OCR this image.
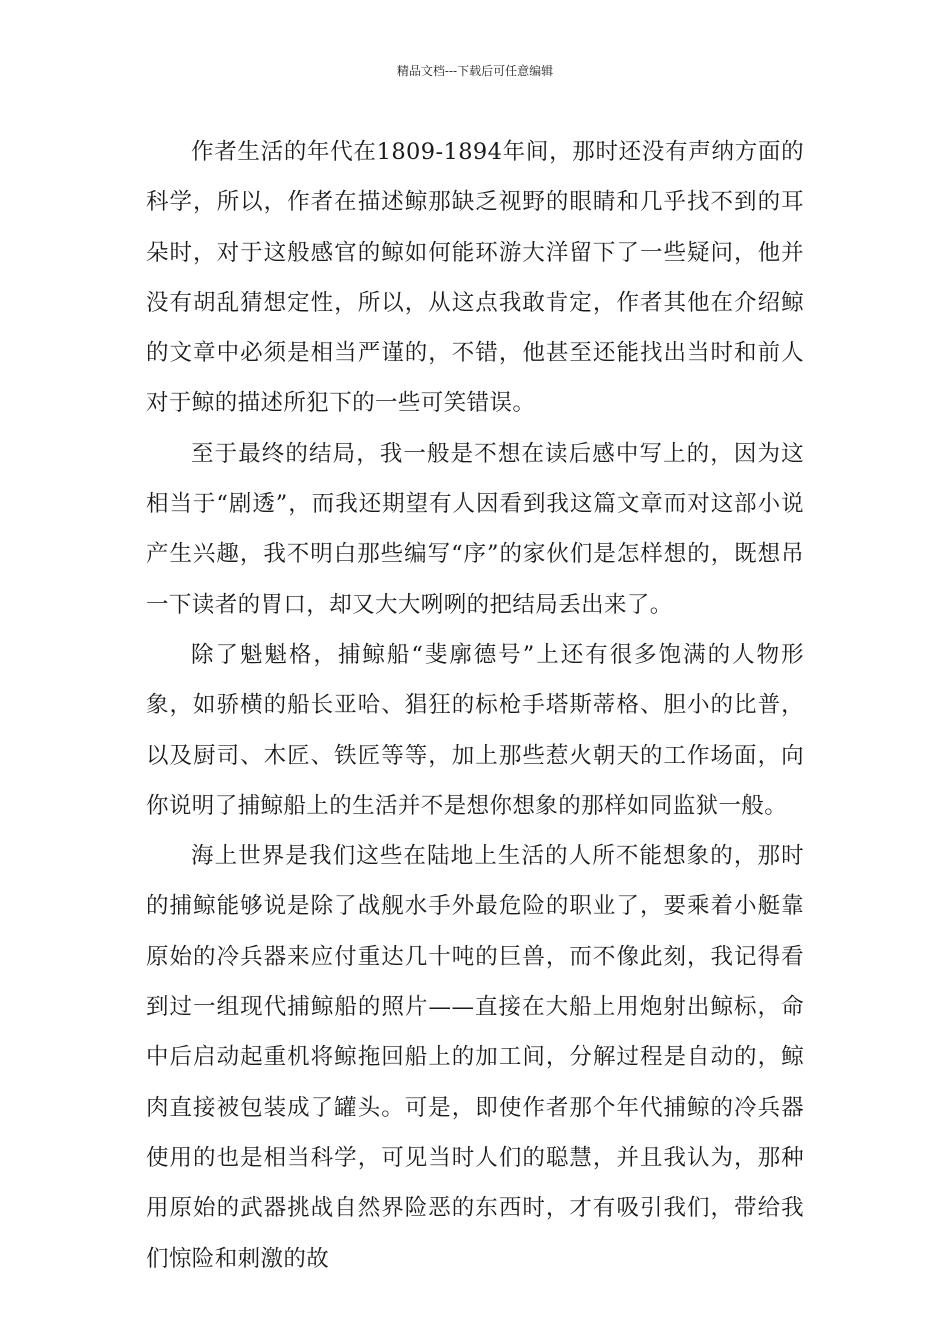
精品文档---下载后可任意编辑

作者生活的年代在1809-1894年间，那时还没有声纳方面的科学，所以，作者在描述鲸那缺乏视野的眼睛和几乎找不到的耳朵时，对于这般感官的鲸如何能环游大洋留下了一些疑问，他并没有胡乱猜想定性，所以，从这点我敢肯定，作者其他在介绍鲸的文章中必须是相当严谨的，不错，他甚至还能找出当时和前人对于鲸的描述所犯下的一些可笑错误。

至于最终的结局，我一般是不想在读后感中写上的，因为这相当于“剧透”，而我还期望有人因看到我这篇文章而对这部小说产生兴趣，我不明白那些编写“序”的家伙们是怎样想的，既想吊一下读者的胃口，却又大大咧咧的把结局丢出来了。

除了魁魁格，捕鲸船“斐廓德号”上还有很多饱满的人物形象，如骄横的船长亚哈、猖狂的标枪手塔斯蒂格、胆小的比普，以及厨司、木匠、铁匠等等，加上那些惹火朝天的工作场面，向你说明了捕鲸船上的生活并不是想你想象的那样如同监狱一般。

海上世界是我们这些在陆地上生活的人所不能想象的，那时的捕鲸能够说是除了战舰水手外最危险的职业了，要乘着小艇靠原始的冷兵器来应付重达几十吨的巨兽，而不像此刻，我记得看到过一组现代捕鲸船的照片——直接在大船上用炮射出鲸标，命中后启动起重机将鲸拖回船上的加工间，分解过程是自动的，鲸肉直接被包装成了罐头。可是，即使作者那个年代捕鲸的冷兵器使用的也是相当科学，可见当时人们的聪慧，并且我认为，那种用原始的武器挑战自然界险恶的东西时，才有吸引我们，带给我们惊险和刺激的故
